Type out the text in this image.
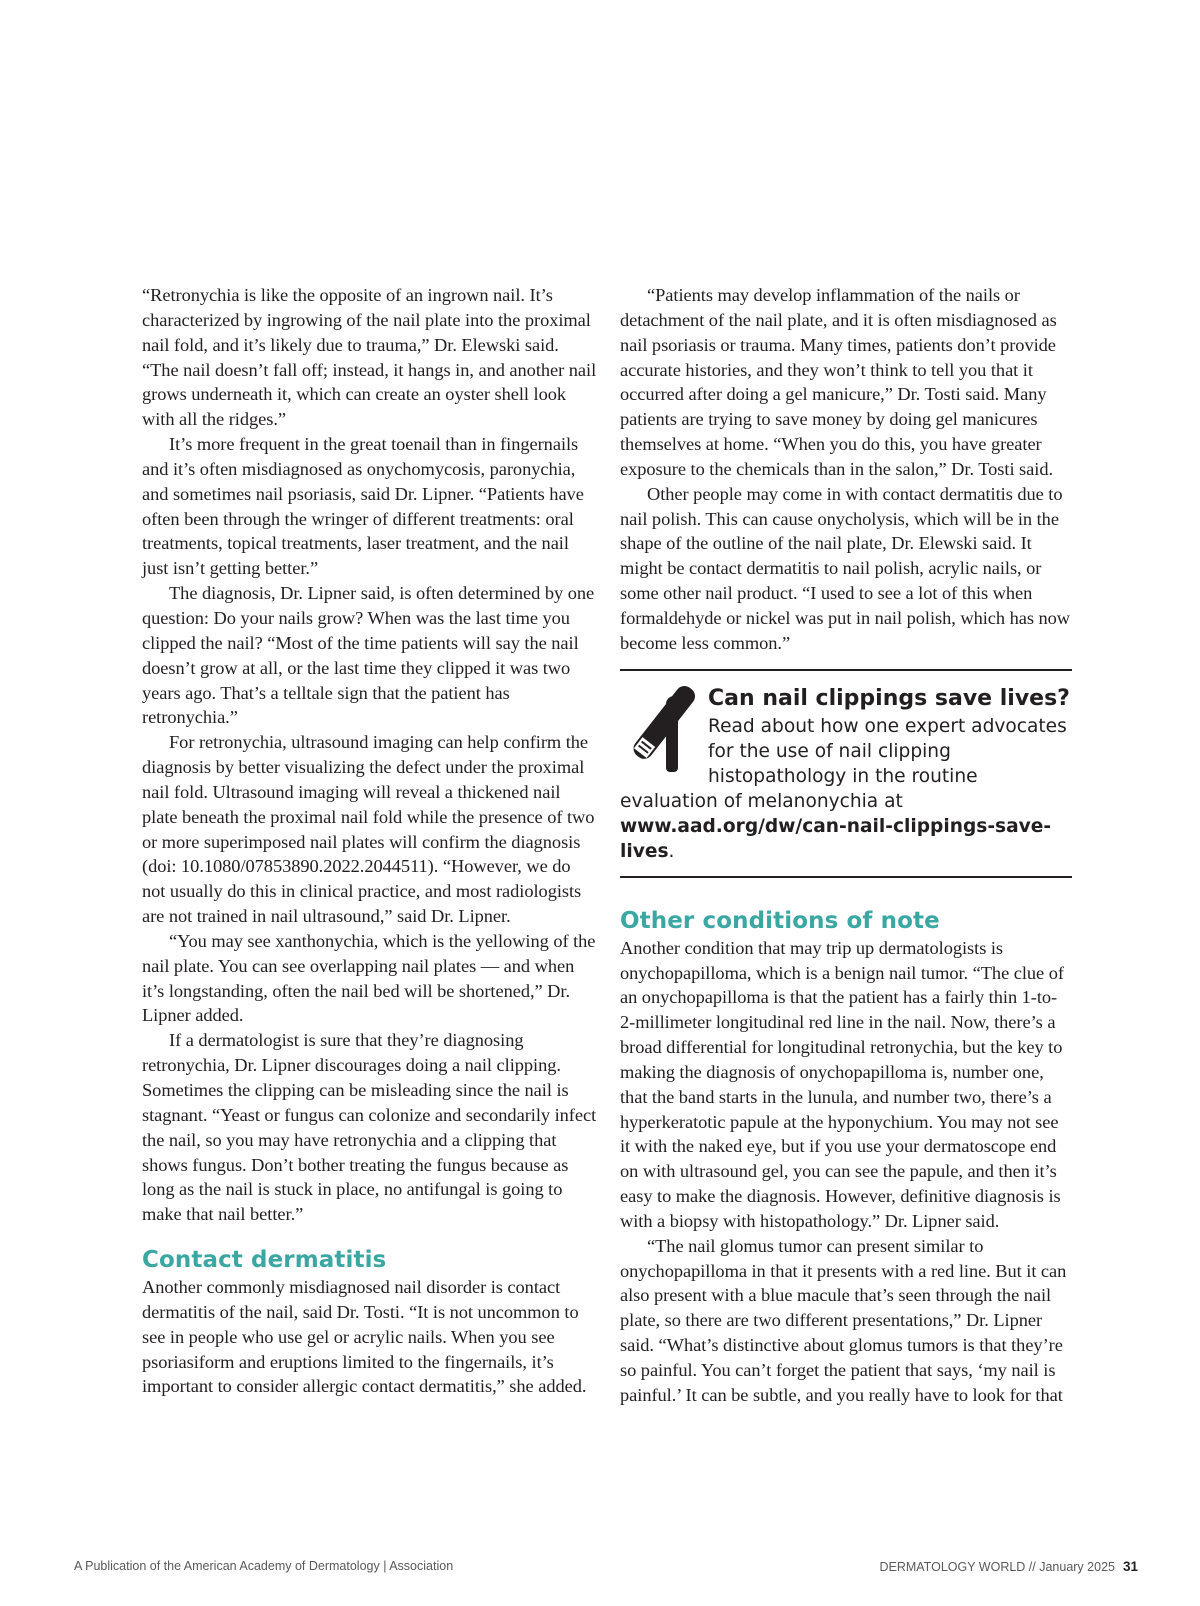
“Retronychia is like the opposite of an ingrown nail. It’s characterized by ingrowing of the nail plate into the proximal nail fold, and it’s likely due to trauma,” Dr. Elewski said. “The nail doesn’t fall off; instead, it hangs in, and another nail grows underneath it, which can create an oyster shell look with all the ridges.”

It’s more frequent in the great toenail than in fingernails and it’s often misdiagnosed as onychomycosis, paronychia, and sometimes nail psoriasis, said Dr. Lipner. “Patients have often been through the wringer of different treatments: oral treatments, topical treatments, laser treatment, and the nail just isn’t getting better.”

The diagnosis, Dr. Lipner said, is often determined by one question: Do your nails grow? When was the last time you clipped the nail? “Most of the time patients will say the nail doesn’t grow at all, or the last time they clipped it was two years ago. That’s a telltale sign that the patient has retronychia.”

For retronychia, ultrasound imaging can help confirm the diagnosis by better visualizing the defect under the proximal nail fold. Ultrasound imaging will reveal a thickened nail plate beneath the proximal nail fold while the presence of two or more superimposed nail plates will confirm the diagnosis (doi: 10.1080/07853890.2022.2044511). “However, we do not usually do this in clinical practice, and most radiologists are not trained in nail ultrasound,” said Dr. Lipner.

“You may see xanthonychia, which is the yellowing of the nail plate. You can see overlapping nail plates — and when it’s longstanding, often the nail bed will be shortened,” Dr. Lipner added.

If a dermatologist is sure that they’re diagnosing retronychia, Dr. Lipner discourages doing a nail clipping. Sometimes the clipping can be misleading since the nail is stagnant. “Yeast or fungus can colonize and secondarily infect the nail, so you may have retronychia and a clipping that shows fungus. Don’t bother treating the fungus because as long as the nail is stuck in place, no antifungal is going to make that nail better.”

Contact dermatitis

Another commonly misdiagnosed nail disorder is contact dermatitis of the nail, said Dr. Tosti. “It is not uncommon to see in people who use gel or acrylic nails. When you see psoriasiform and eruptions limited to the fingernails, it’s important to consider allergic contact dermatitis,” she added.

“Patients may develop inflammation of the nails or detachment of the nail plate, and it is often misdiagnosed as nail psoriasis or trauma. Many times, patients don’t provide accurate histories, and they won’t think to tell you that it occurred after doing a gel manicure,” Dr. Tosti said. Many patients are trying to save money by doing gel manicures themselves at home. “When you do this, you have greater exposure to the chemicals than in the salon,” Dr. Tosti said.

Other people may come in with contact dermatitis due to nail polish. This can cause onycholysis, which will be in the shape of the outline of the nail plate, Dr. Elewski said. It might be contact dermatitis to nail polish, acrylic nails, or some other nail product. “I used to see a lot of this when formaldehyde or nickel was put in nail polish, which has now become less common.”

Can nail clippings save lives?

Read about how one expert advocates for the use of nail clipping histopathology in the routine evaluation of melanonychia at www.aad.org/dw/can-nail-clippings-save-lives.

Other conditions of note

Another condition that may trip up dermatologists is onychopapilloma, which is a benign nail tumor. “The clue of an onychopapilloma is that the patient has a fairly thin 1-to-2-millimeter longitudinal red line in the nail. Now, there’s a broad differential for longitudinal retronychia, but the key to making the diagnosis of onychopapilloma is, number one, that the band starts in the lunula, and number two, there’s a hyperkeratotic papule at the hyponychium. You may not see it with the naked eye, but if you use your dermatoscope end on with ultrasound gel, you can see the papule, and then it’s easy to make the diagnosis. However, definitive diagnosis is with a biopsy with histopathology.” Dr. Lipner said.

“The nail glomus tumor can present similar to onychopapilloma in that it presents with a red line. But it can also present with a blue macule that’s seen through the nail plate, so there are two different presentations,” Dr. Lipner said. “What’s distinctive about glomus tumors is that they’re so painful. You can’t forget the patient that says, ‘my nail is painful.’ It can be subtle, and you really have to look for that

A Publication of the American Academy of Dermatology | Association	DERMATOLOGY WORLD // January 2025 31
